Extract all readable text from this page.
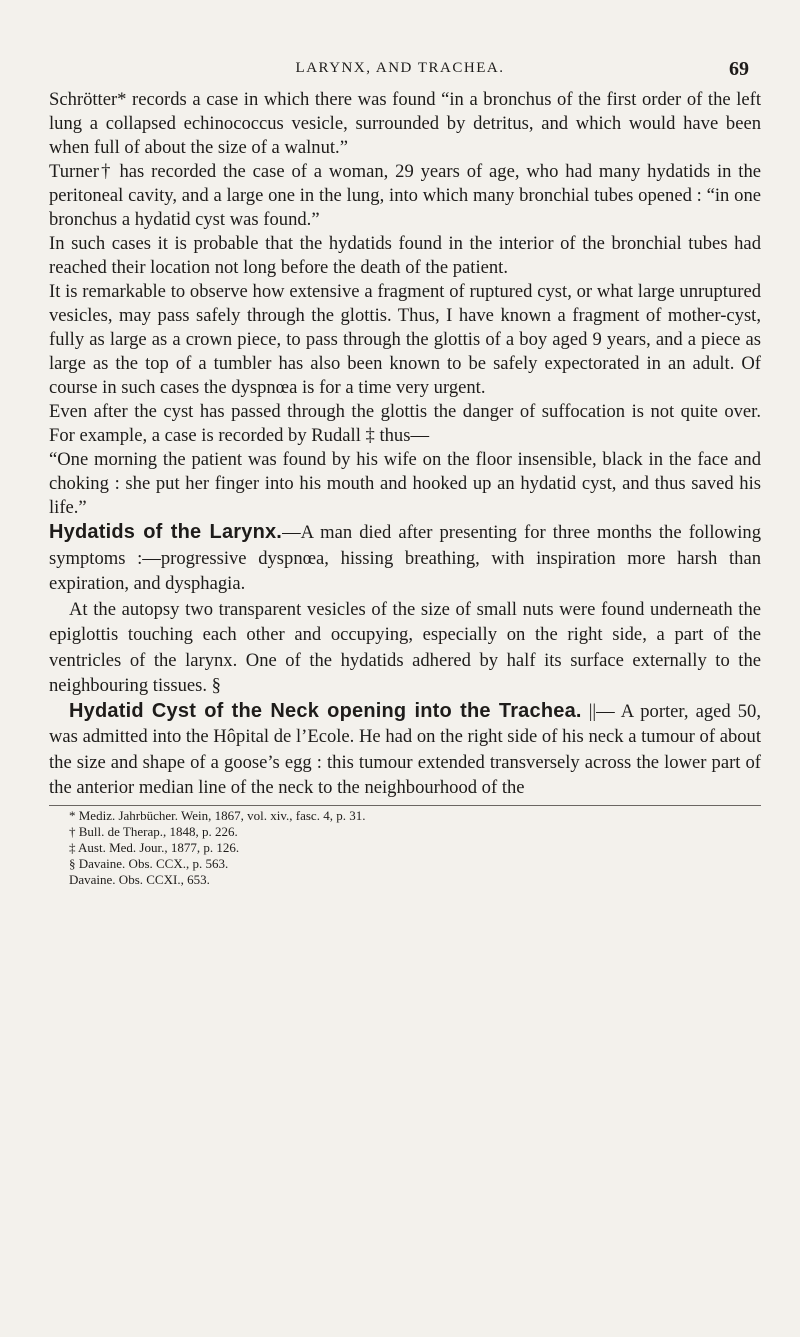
LARYNX, AND TRACHEA.	69

Schrötter* records a case in which there was found “in a bronchus of the first order of the left lung a collapsed echinococcus vesicle, surrounded by detritus, and which would have been when full of about the size of a walnut.”

Turner† has recorded the case of a woman, 29 years of age, who had many hydatids in the peritoneal cavity, and a large one in the lung, into which many bronchial tubes opened : “in one bronchus a hydatid cyst was found.”

In such cases it is probable that the hydatids found in the interior of the bronchial tubes had reached their location not long before the death of the patient.

It is remarkable to observe how extensive a fragment of ruptured cyst, or what large unruptured vesicles, may pass safely through the glottis. Thus, I have known a fragment of mother-cyst, fully as large as a crown piece, to pass through the glottis of a boy aged 9 years, and a piece as large as the top of a tumbler has also been known to be safely expectorated in an adult. Of course in such cases the dyspnœa is for a time very urgent.

Even after the cyst has passed through the glottis the danger of suffocation is not quite over. For example, a case is recorded by Rudall ‡ thus—

“One morning the patient was found by his wife on the floor insensible, black in the face and choking : she put her finger into his mouth and hooked up an hydatid cyst, and thus saved his life.”

Hydatids of the Larynx.—A man died after presenting for three months the following symptoms :—progressive dyspnœa, hissing breathing, with inspiration more harsh than expiration, and dysphagia.

At the autopsy two transparent vesicles of the size of small nuts were found underneath the epiglottis touching each other and occupying, especially on the right side, a part of the ventricles of the larynx. One of the hydatids adhered by half its surface externally to the neighbouring tissues. §

Hydatid Cyst of the Neck opening into the Trachea. ||— A porter, aged 50, was admitted into the Hôpital de l’Ecole. He had on the right side of his neck a tumour of about the size and shape of a goose’s egg : this tumour extended transversely across the lower part of the anterior median line of the neck to the neighbourhood of the

* Mediz. Jahrbücher. Wein, 1867, vol. xiv., fasc. 4, p. 31.
† Bull. de Therap., 1848, p. 226.
‡ Aust. Med. Jour., 1877, p. 126.
§ Davaine. Obs. CCX., p. 563.
Davaine. Obs. CCXI., 653.
